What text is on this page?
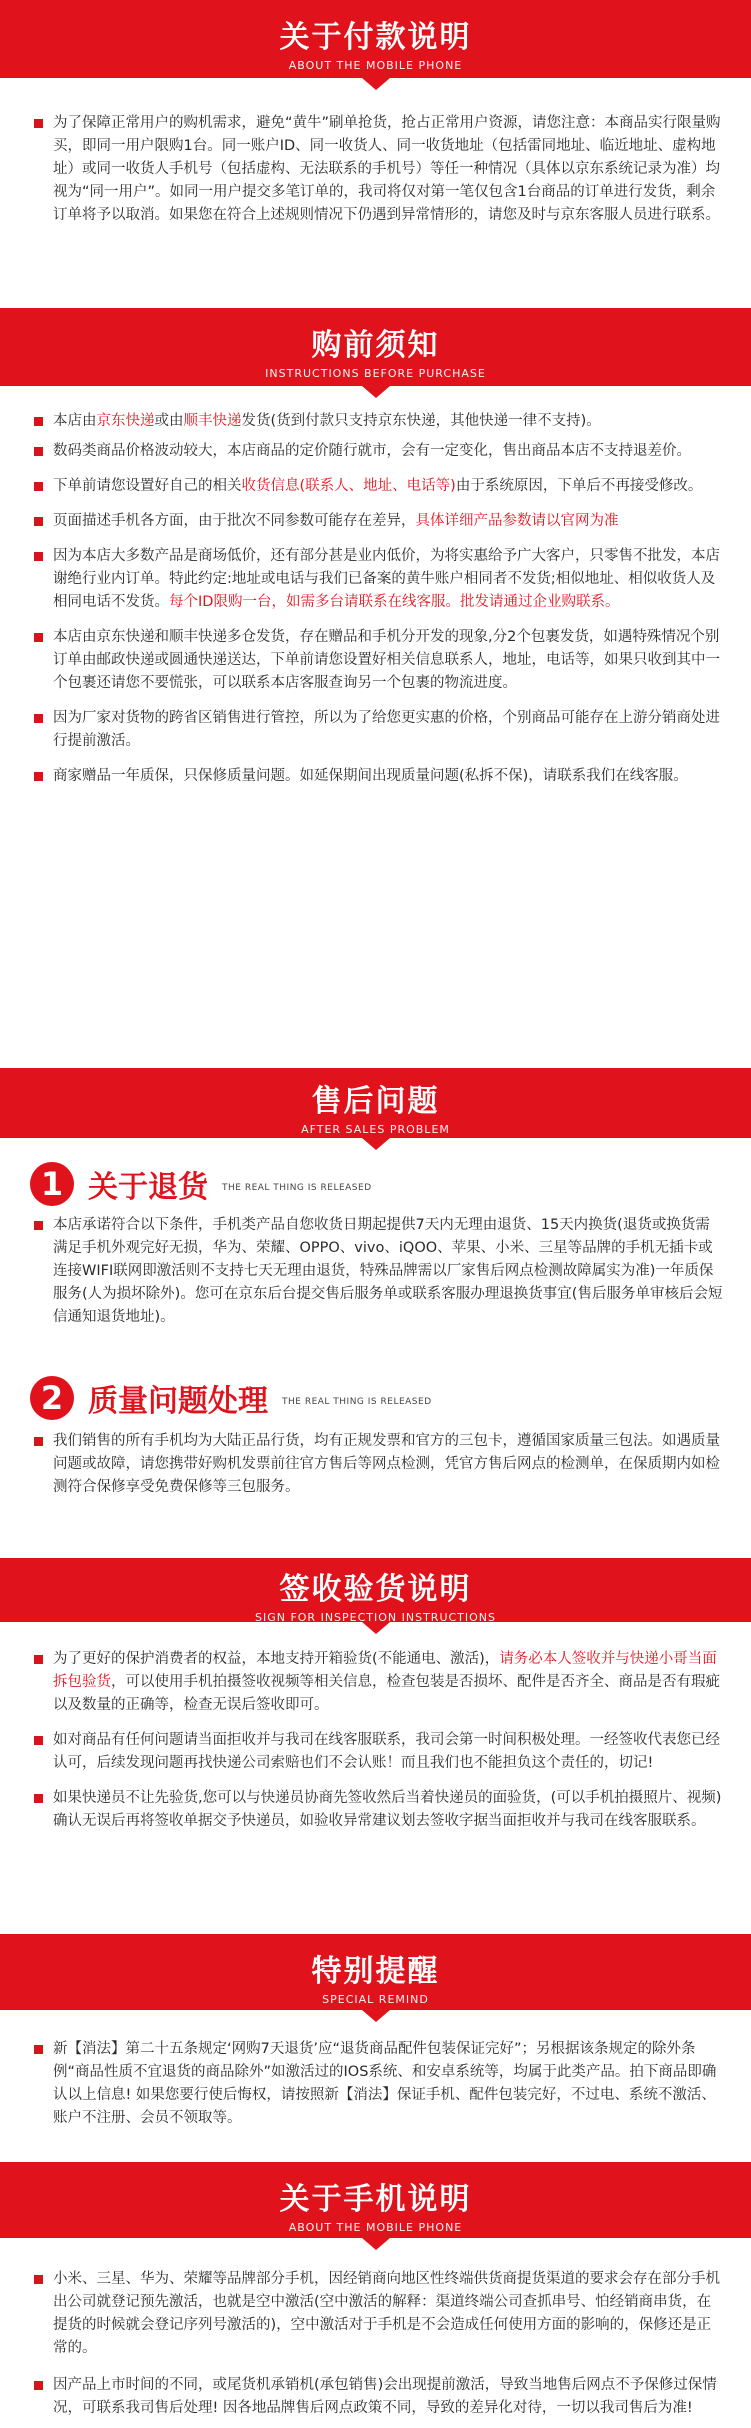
关于付款说明
ABOUT THE MOBILE PHONE
为了保障正常用户的购机需求，避免“黄牛”刷单抢货，抢占正常用户资源，请您注意：本商品实行限量购买，即同一用户限购1台。同一账户ID、同一收货人、同一收货地址（包括雷同地址、临近地址、虚构地址）或同一收货人手机号（包括虚构、无法联系的手机号）等任一种情况（具体以京东系统记录为准）均视为“同一用户”。如同一用户提交多笔订单的，我司将仅对第一笔仅包含1台商品的订单进行发货，剩余订单将予以取消。如果您在符合上述规则情况下仍遇到异常情形的，请您及时与京东客服人员进行联系。
购前须知
INSTRUCTIONS BEFORE PURCHASE
本店由京东快递或由顺丰快递发货(货到付款只支持京东快递，其他快递一律不支持)。
数码类商品价格波动较大，本店商品的定价随行就市，会有一定变化，售出商品本店不支持退差价。
下单前请您设置好自己的相关收货信息(联系人、地址、电话等)由于系统原因，下单后不再接受修改。
页面描述手机各方面，由于批次不同参数可能存在差异，具体详细产品参数请以官网为准
因为本店大多数产品是商场低价，还有部分甚是业内低价，为将实惠给予广大客户，只零售不批发，本店谢绝行业内订单。特此约定:地址或电话与我们已备案的黄牛账户相同者不发货;相似地址、相似收货人及相同电话不发货。每个ID限购一台，如需多台请联系在线客服。批发请通过企业购联系。
本店由京东快递和顺丰快递多仓发货，存在赠品和手机分开发的现象,分2个包裹发货，如遇特殊情况个别订单由邮政快递或圆通快递送达，下单前请您设置好相关信息联系人，地址，电话等，如果只收到其中一个包裹还请您不要慌张，可以联系本店客服查询另一个包裹的物流进度。
因为厂家对货物的跨省区销售进行管控，所以为了给您更实惠的价格，个别商品可能存在上游分销商处进行提前激活。
商家赠品一年质保，只保修质量问题。如延保期间出现质量问题(私拆不保)，请联系我们在线客服。
售后问题
AFTER SALES PROBLEM
1 关于退货 THE REAL THING IS RELEASED
本店承诺符合以下条件，手机类产品自您收货日期起提供7天内无理由退货、15天内换货(退货或换货需满足手机外观完好无损，华为、荣耀、OPPO、vivo、iQOO、苹果、小米、三星等品牌的手机无插卡或连接WIFI联网即激活则不支持七天无理由退货，特殊品牌需以厂家售后网点检测故障属实为准)一年质保服务(人为损坏除外)。您可在京东后台提交售后服务单或联系客服办理退换货事宜(售后服务单审核后会短信通知退货地址)。
2 质量问题处理 THE REAL THING IS RELEASED
我们销售的所有手机均为大陆正品行货，均有正规发票和官方的三包卡，遵循国家质量三包法。如遇质量问题或故障，请您携带好购机发票前往官方售后等网点检测，凭官方售后网点的检测单，在保质期内如检测符合保修享受免费保修等三包服务。
签收验货说明
SIGN FOR INSPECTION INSTRUCTIONS
为了更好的保护消费者的权益，本地支持开箱验货(不能通电、激活)，请务必本人签收并与快递小哥当面拆包验货，可以使用手机拍摄签收视频等相关信息，检查包装是否损坏、配件是否齐全、商品是否有瑕疵以及数量的正确等，检查无误后签收即可。
如对商品有任何问题请当面拒收并与我司在线客服联系，我司会第一时间积极处理。一经签收代表您已经认可，后续发现问题再找快递公司索赔也们不会认账！而且我们也不能担负这个责任的，切记!
如果快递员不让先验货,您可以与快递员协商先签收然后当着快递员的面验货，(可以手机拍摄照片、视频)确认无误后再将签收单据交予快递员，如验收异常建议划去签收字据当面拒收并与我司在线客服联系。
特别提醒
SPECIAL REMIND
新【消法】第二十五条规定‘网购7天退货’应“退货商品配件包装保证完好”；另根据该条规定的除外条例“商品性质不宜退货的商品除外”如激活过的IOS系统、和安卓系统等，均属于此类产品。拍下商品即确认以上信息! 如果您要行使后悔权，请按照新【消法】保证手机、配件包装完好，不过电、系统不激活、账户不注册、会员不领取等。
关于手机说明
ABOUT THE MOBILE PHONE
小米、三星、华为、荣耀等品牌部分手机，因经销商向地区性终端供货商提货渠道的要求会存在部分手机出公司就登记预先激活，也就是空中激活(空中激活的解释：渠道终端公司查抓串号、怕经销商串货，在提货的时候就会登记序列号激活的)，空中激活对于手机是不会造成任何使用方面的影响的，保修还是正常的。
因产品上市时间的不同，或尾货机承销机(承包销售)会出现提前激活，导致当地售后网点不予保修过保情况，可联系我司售后处理! 因各地品牌售后网点政策不同，导致的差异化对待，一切以我司售后为准!
